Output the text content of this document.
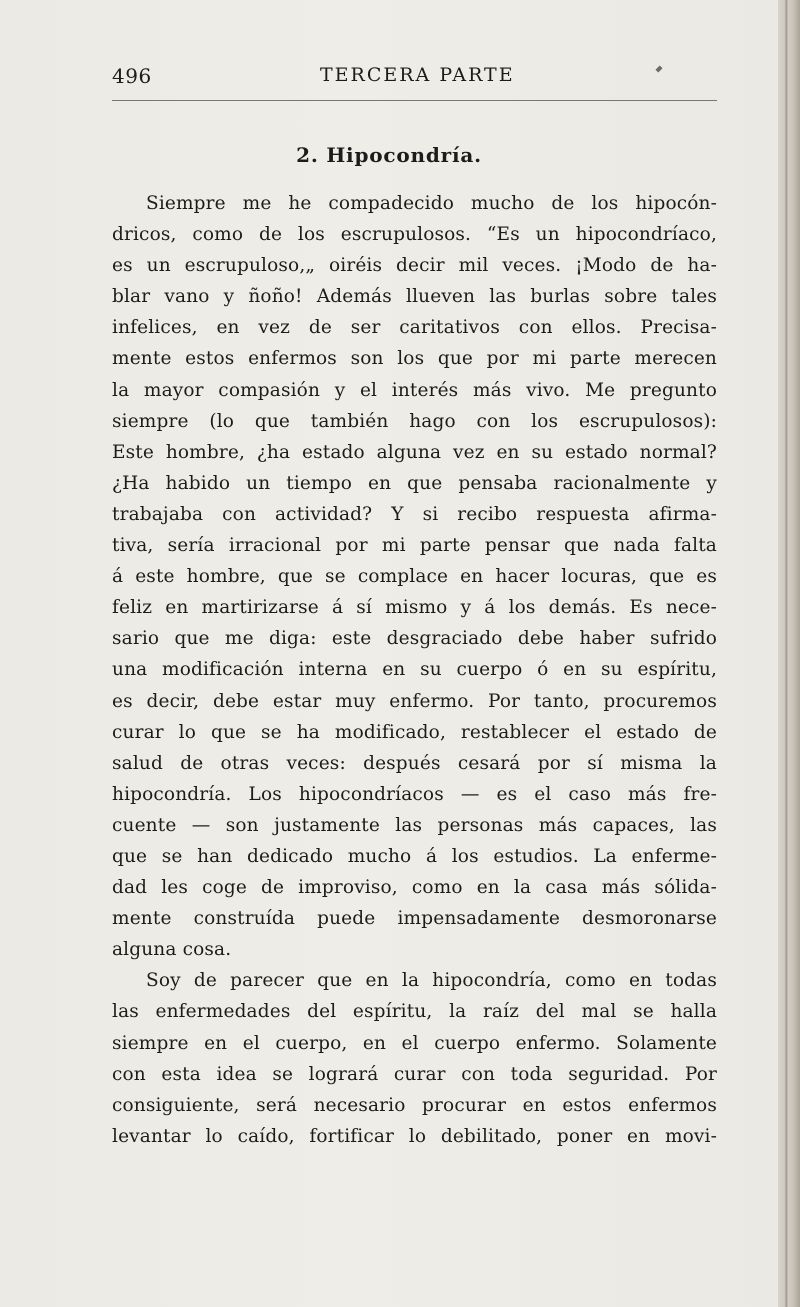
496	TERCERA PARTE
2. Hipocondría.
Siempre me he compadecido mucho de los hipocón-
dricos, como de los escrupulosos. “Es un hipocondríaco,
es un escrupuloso,„ oiréis decir mil veces. ¡Modo de ha-
blar vano y ñoño! Además llueven las burlas sobre tales
infelices, en vez de ser caritativos con ellos. Precisa-
mente estos enfermos son los que por mi parte merecen
la mayor compasión y el interés más vivo. Me pregunto
siempre (lo que también hago con los escrupulosos):
Este hombre, ¿ha estado alguna vez en su estado normal?
¿Ha habido un tiempo en que pensaba racionalmente y
trabajaba con actividad? Y si recibo respuesta afirma-
tiva, sería irracional por mi parte pensar que nada falta
á este hombre, que se complace en hacer locuras, que es
feliz en martirizarse á sí mismo y á los demás. Es nece-
sario que me diga: este desgraciado debe haber sufrido
una modificación interna en su cuerpo ó en su espíritu,
es decir, debe estar muy enfermo. Por tanto, procuremos
curar lo que se ha modificado, restablecer el estado de
salud de otras veces: después cesará por sí misma la
hipocondría. Los hipocondríacos — es el caso más fre-
cuente — son justamente las personas más capaces, las
que se han dedicado mucho á los estudios. La enferme-
dad les coge de improviso, como en la casa más sólida-
mente construída puede impensadamente desmoronarse
alguna cosa.
Soy de parecer que en la hipocondría, como en todas
las enfermedades del espíritu, la raíz del mal se halla
siempre en el cuerpo, en el cuerpo enfermo. Solamente
con esta idea se logrará curar con toda seguridad. Por
consiguiente, será necesario procurar en estos enfermos
levantar lo caído, fortificar lo debilitado, poner en movi-
